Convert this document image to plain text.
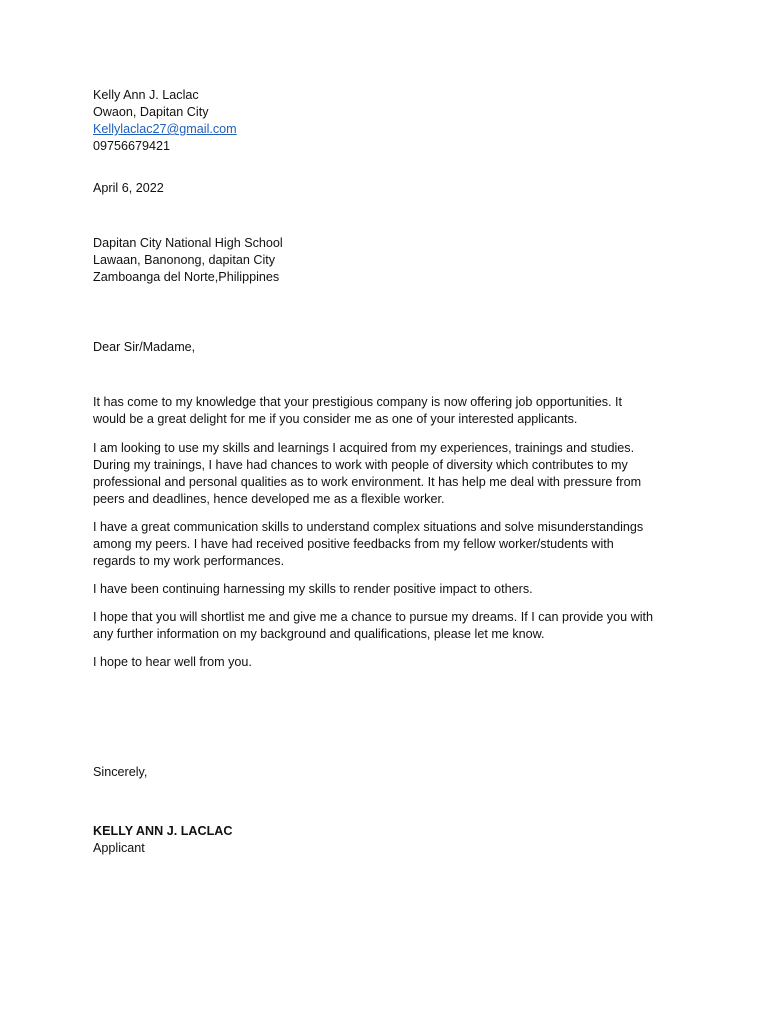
Kelly Ann J. Laclac
Owaon, Dapitan City
Kellylaclac27@gmail.com
09756679421
April 6, 2022
Dapitan City National High School
Lawaan, Banonong, dapitan City
Zamboanga del Norte,Philippines
Dear Sir/Madame,
It has come to my knowledge that your prestigious company is now offering job opportunities. It
would be a great delight for me if you consider me as one of your interested applicants.
I am looking to use my skills and learnings I acquired from my experiences, trainings and studies.
During my trainings, I have had chances to work with people of diversity which contributes to my
professional and personal qualities as to work environment. It has help me deal with pressure from
peers and deadlines, hence developed me as a flexible worker.
I have a great communication skills to understand complex situations and solve misunderstandings
among my peers. I have had received positive feedbacks from my fellow worker/students with
regards to my work performances.
I have been continuing harnessing my skills to render positive impact to others.
I hope that you will shortlist me and give me a chance to pursue my dreams. If I can provide you with
any further information on my background and qualifications, please let me know.
I hope to hear well from you.
Sincerely,
KELLY ANN J. LACLAC
Applicant
